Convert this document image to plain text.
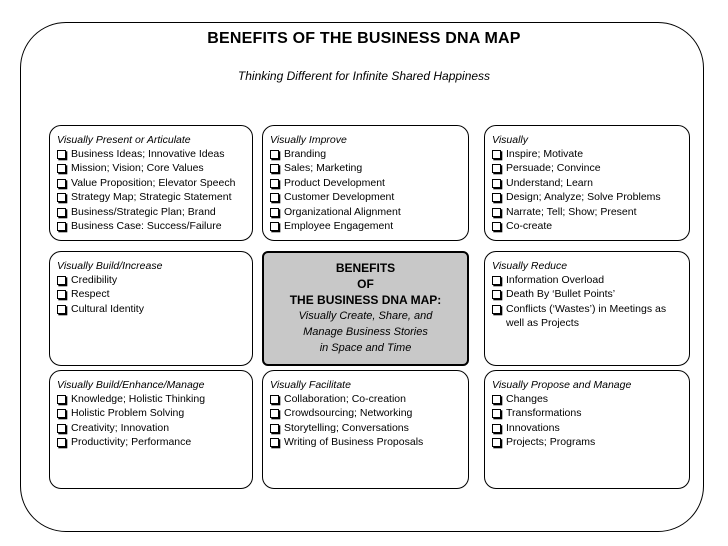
BENEFITS OF THE BUSINESS DNA MAP
Thinking Different for Infinite Shared Happiness
Visually Present or Articulate
Business Ideas; Innovative Ideas
Mission; Vision; Core Values
Value Proposition; Elevator Speech
Strategy Map; Strategic Statement
Business/Strategic Plan; Brand
Business Case: Success/Failure
Visually Improve
Branding
Sales; Marketing
Product Development
Customer Development
Organizational Alignment
Employee Engagement
Visually
Inspire; Motivate
Persuade; Convince
Understand; Learn
Design; Analyze; Solve Problems
Narrate; Tell; Show; Present
Co-create
Visually Build/Increase
Credibility
Respect
Cultural Identity
Visually Reduce
Information Overload
Death By ‘Bullet Points’
Conflicts (‘Wastes’) in Meetings as well as Projects
Visually Build/Enhance/Manage
Knowledge; Holistic Thinking
Holistic Problem Solving
Creativity; Innovation
Productivity; Performance
Visually Facilitate
Collaboration; Co-creation
Crowdsourcing; Networking
Storytelling; Conversations
Writing of Business Proposals
Visually Propose and Manage
Changes
Transformations
Innovations
Projects; Programs
BENEFITS
OF
THE BUSINESS DNA MAP:
Visually Create, Share, and
Manage Business Stories
in Space and Time
